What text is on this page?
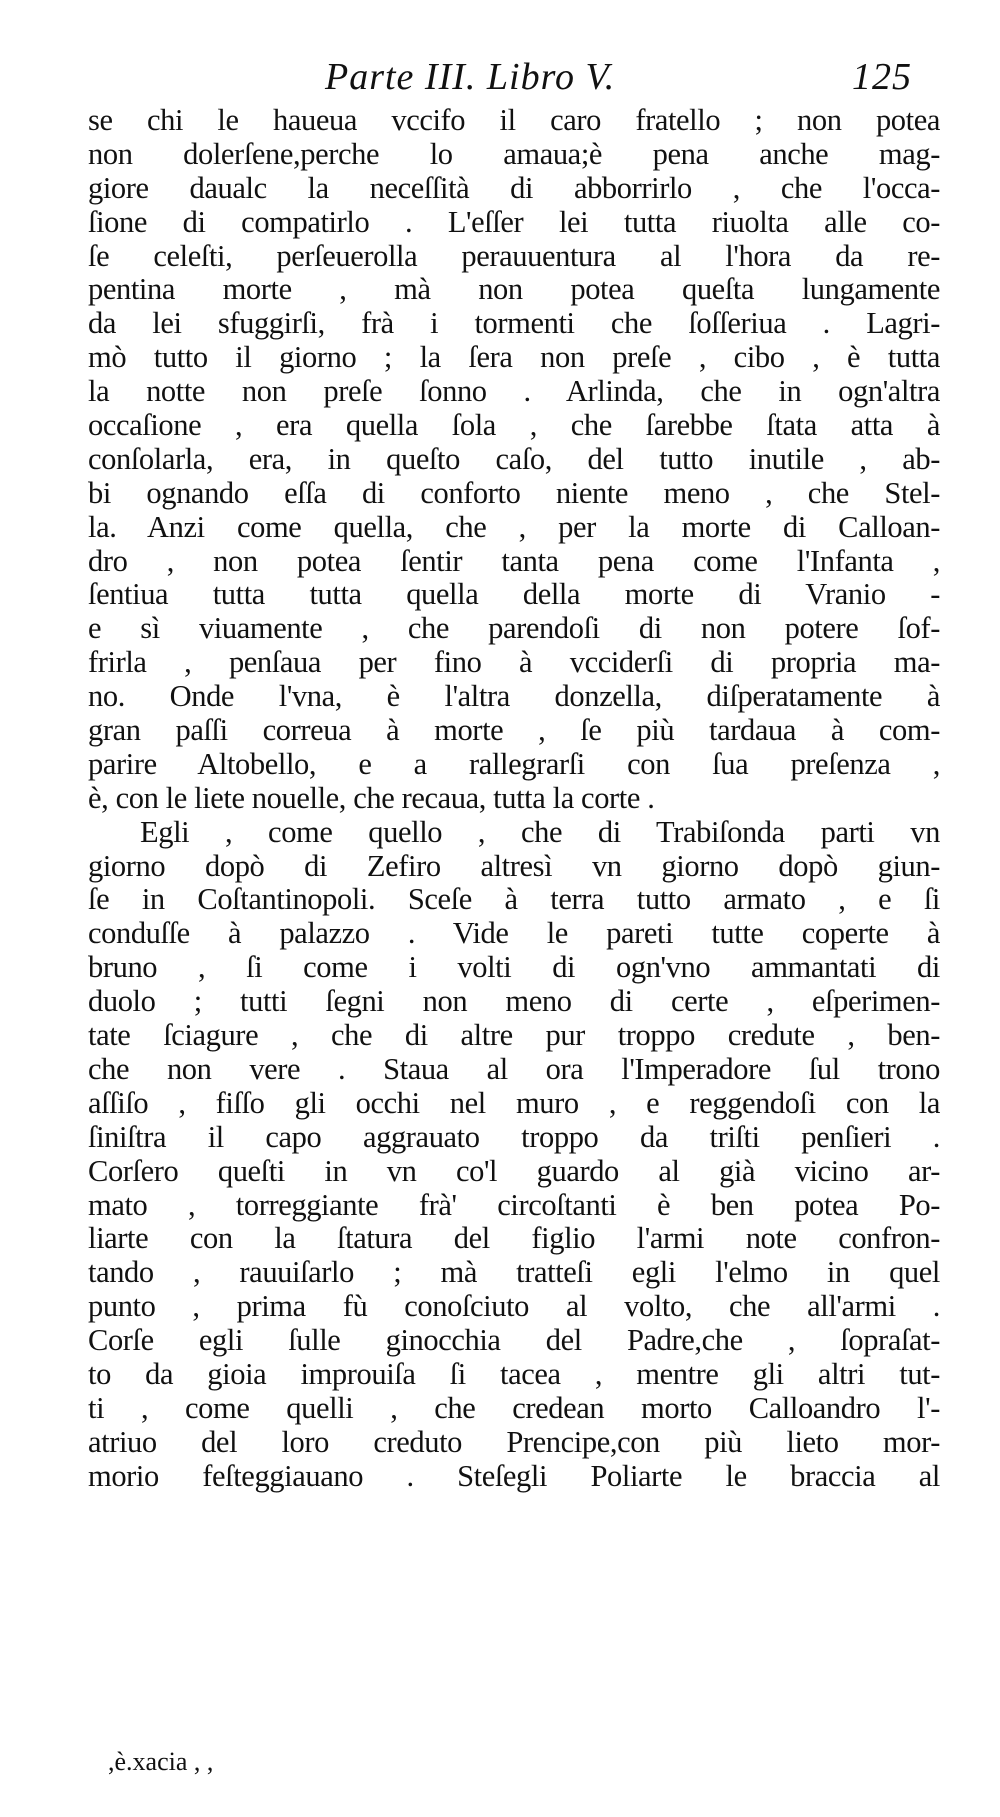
Parte III. Libro V.	125
se chi le haueua vccifo il caro fratello ; non potea
non dolerſene,perche lo amaua;è pena anche mag-
giore daualc la neceſſità di abborrirlo , che l'occa-
ſione di compatirlo . L'eſſer lei tutta riuolta alle co-
ſe celeſti, perſeuerolla perauuentura al l'hora da re-
pentina morte , mà non potea queſta lungamente
da lei sfuggirſi, frà i tormenti che ſoſſeriua . Lagri-
mò tutto il giorno ; la ſera non preſe , cibo , è tutta
la notte non preſe ſonno . Arlinda, che in ogn'altra
occaſione , era quella ſola , che ſarebbe ſtata atta à
conſolarla, era, in queſto caſo, del tutto inutile , ab-
bi ognando eſſa di conforto niente meno , che Stel-
la. Anzi come quella, che , per la morte di Calloan-
dro , non potea ſentir tanta pena come l'Infanta ,
ſentiua tutta tutta quella della morte di Vranio -
e sì viuamente , che parendoſi di non potere ſof-
frirla , penſaua per fino à vcciderſi di propria ma-
no. Onde l'vna, è l'altra donzella, diſperatamente à
gran paſſi correua à morte , ſe più tardaua à com-
parire Altobello, e a rallegrarſi con ſua preſenza ,
è, con le liete nouelle, che recaua, tutta la corte .
Egli , come quello , che di Trabiſonda parti vn
giorno dopò di Zefiro altresì vn giorno dopò giun-
ſe in Coſtantinopoli. Sceſe à terra tutto armato , e ſi
conduſſe à palazzo . Vide le pareti tutte coperte à
bruno , ſi come i volti di ogn'vno ammantati di
duolo ; tutti ſegni non meno di certe , eſperimen-
tate ſciagure , che di altre pur troppo credute , ben-
che non vere . Staua al ora l'Imperadore ſul trono
aſſiſo , fiſſo gli occhi nel muro , e reggendoſi con la
ſiniſtra il capo aggrauato troppo da triſti penſieri .
Corſero queſti in vn co'l guardo al già vicino ar-
mato , torreggiante frà' circoſtanti è ben potea Po-
liarte con la ſtatura del figlio l'armi note confron-
tando , rauuiſarlo ; mà tratteſi egli l'elmo in quel
punto , prima fù conoſciuto al volto, che all'armi .
Corſe egli ſulle ginocchia del Padre,che , ſopraſat-
to da gioia improuiſa ſi tacea , mentre gli altri tut-
ti , come quelli , che credean morto Calloandro l'-
atriuo del loro creduto Prencipe,con più lieto mor-
morio feſteggiauano . Steſegli Poliarte le braccia al
,è.xacia , ,
